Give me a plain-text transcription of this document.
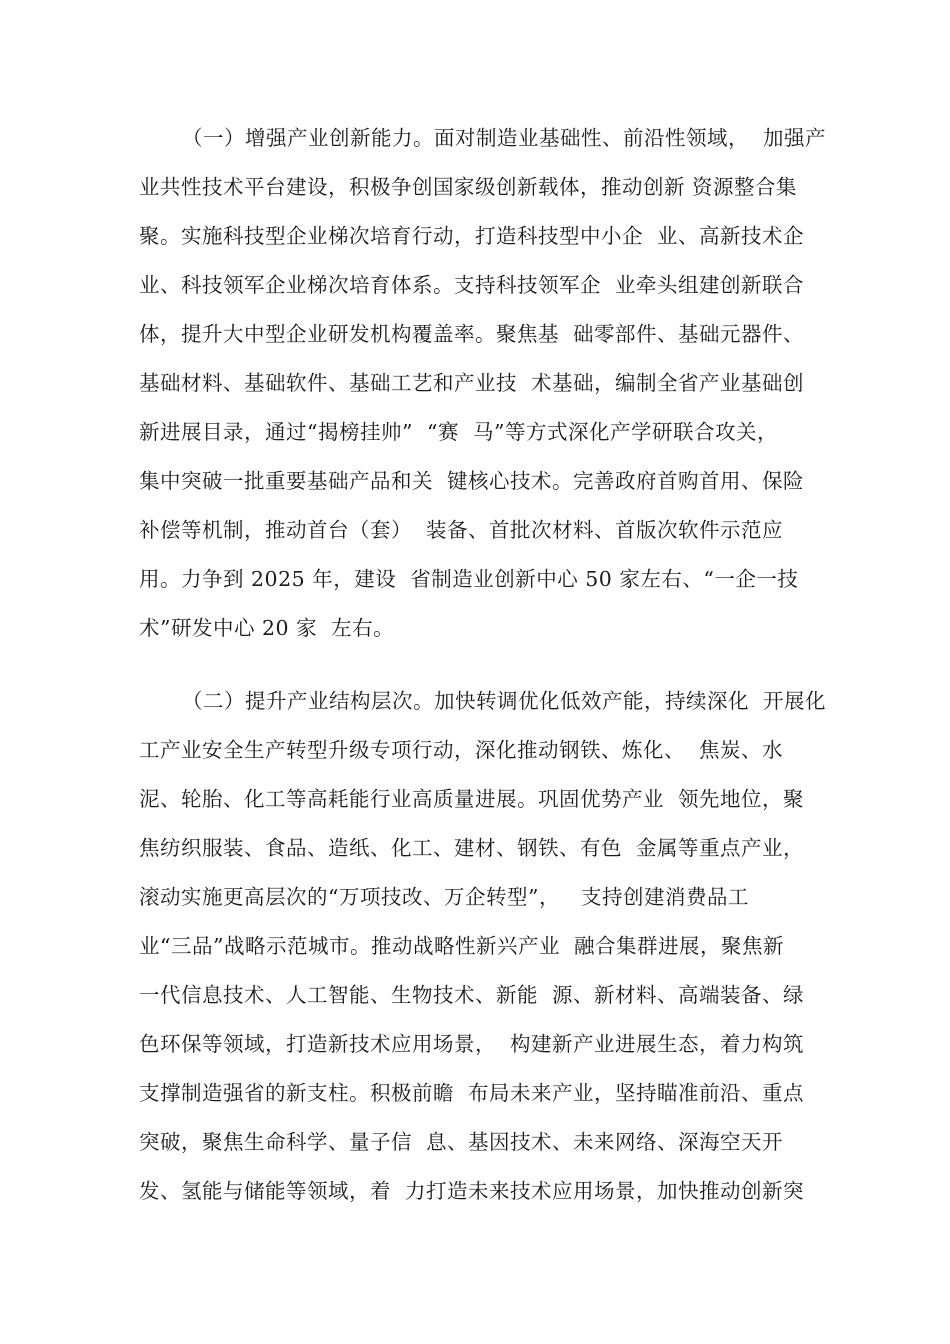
（一）增强产业创新能力。面对制造业基础性、前沿性领域，  加强产
业共性技术平台建设，积极争创国家级创新载体，推动创新 资源整合集
聚。实施科技型企业梯次培育行动，打造科技型中小企  业、高新技术企
业、科技领军企业梯次培育体系。支持科技领军企  业牵头组建创新联合
体，提升大中型企业研发机构覆盖率。聚焦基  础零部件、基础元器件、
基础材料、基础软件、基础工艺和产业技  术基础，编制全省产业基础创
新进展目录，通过“揭榜挂帅”  “赛  马”等方式深化产学研联合攻关，
集中突破一批重要基础产品和关  键核心技术。完善政府首购首用、保险
补偿等机制，推动首台（套）  装备、首批次材料、首版次软件示范应
用。力争到 2025 年，建设  省制造业创新中心 50 家左右、“一企一技
术”研发中心 20 家  左右。
（二）提升产业结构层次。加快转调优化低效产能，持续深化  开展化
工产业安全生产转型升级专项行动，深化推动钢铁、炼化、  焦炭、水
泥、轮胎、化工等高耗能行业高质量进展。巩固优势产业  领先地位，聚
焦纺织服装、食品、造纸、化工、建材、钢铁、有色  金属等重点产业，
滚动实施更高层次的“万项技改、万企转型”，   支持创建消费品工
业“三品”战略示范城市。推动战略性新兴产业  融合集群进展，聚焦新
一代信息技术、人工智能、生物技术、新能  源、新材料、高端装备、绿
色环保等领域，打造新技术应用场景，  构建新产业进展生态，着力构筑
支撑制造强省的新支柱。积极前瞻  布局未来产业，坚持瞄准前沿、重点
突破，聚焦生命科学、量子信  息、基因技术、未来网络、深海空天开
发、氢能与储能等领域，着  力打造未来技术应用场景，加快推动创新突
